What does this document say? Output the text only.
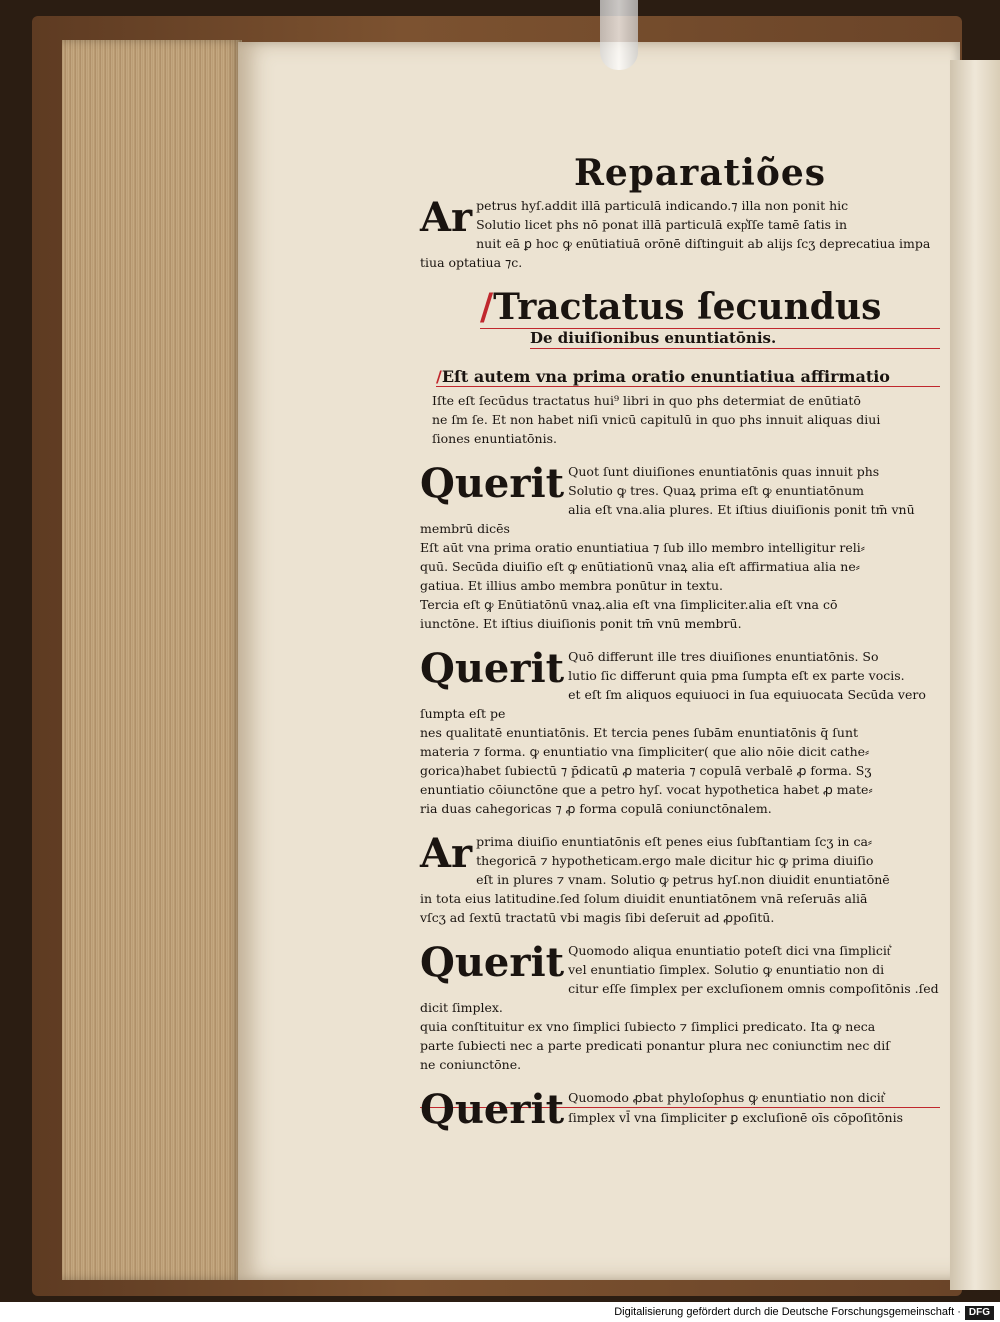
Reparatiões
Ar petrus hyſ.addit illā particulā indicando.⁊ illa non ponit hic
Solutio licet phs nō ponat illā particulā exp͛ſſe tamē ſatis in
nuit eā ꝑ hoc ꝙ enūtiatiuā orōnē diſtinguit ab alijs ſcʒ deprecatiua impa
tiua optatiua ⁊c.
/Tractatus ſecundus
De diuiſionibus enuntiatōnis.
/Eſt autem vna prima oratio enuntiatiua affirmatio
Iſte eſt ſecūdus tractatus hui⁹ libri in quo phs determiat de enūtiatō
ne ſm ſe. Et non habet niſi vnicū capitulū in quo phs innuit aliquas diui
ſiones enuntiatōnis.
Querit Quot ſunt diuiſiones enuntiatōnis quas innuit phs
Solutio ꝙ tres. Quaꝝ prima eſt ꝙ enuntiatōnum
alia eſt vna.alia plures. Et iſtius diuiſionis ponit tm̄ vnū membrū dicēs
Eſt aūt vna prima oratio enuntiatiua ⁊ ſub illo membro intelligitur reli⸗
quū. Secūda diuiſio eſt ꝙ enūtiationū vnaꝝ alia eſt affirmatiua alia ne⸗
gatiua. Et illius ambo membra ponūtur in textu.
Tercia eſt ꝙ Enūtiatōnū vnaꝝ.alia eſt vna ſimpliciter.alia eſt vna cō
iunctōne. Et iſtius diuiſionis ponit tm̄ vnū membrū.
Querit Quō differunt ille tres diuiſiones enuntiatōnis. So
lutio ſic differunt quia pma ſumpta eſt ex parte vocis.
et eſt ſm aliquos equiuoci in ſua equiuocata Secūda vero ſumpta eſt pe
nes qualitatē enuntiatōnis. Et tercia penes ſubām enuntiatōnis q̄ ſunt
materia ⁊ forma. ꝙ enuntiatio vna ſimpliciter( que alio nōie dicit cathe⸗
gorica)habet ſubiectū ⁊ p̄dicatū ꝓ materia ⁊ copulā verbalē ꝓ forma. Sʒ
enuntiatio cōiunctōne que a petro hyſ. vocat hypothetica habet ꝓ mate⸗
ria duas cahegoricas ⁊ ꝓ forma copulā coniunctōnalem.
Ar prima diuiſio enuntiatōnis eſt penes eius ſubſtantiam ſcʒ in ca⸗
thegoricā ⁊ hypotheticam.ergo male dicitur hic ꝙ prima diuiſio
eſt in plures ⁊ vnam. Solutio ꝙ petrus hyſ.non diuidit enuntiatōnē
in tota eius latitudine.ſed ſolum diuidit enuntiatōnem vnā reſeruās aliā
vſcʒ ad ſextū tractatū vbi magis ſibi deſeruit ad ꝓpoſitū.
Querit Quomodo aliqua enuntiatio poteſt dici vna ſimplicit͛
vel enuntiatio ſimplex. Solutio ꝙ enuntiatio non di
citur eſſe ſimplex per excluſionem omnis compoſitōnis .ſed dicit ſimplex.
quia conſtituitur ex vno ſimplici ſubiecto ⁊ ſimplici predicato. Ita ꝙ neca
parte ſubiecti nec a parte predicati ponantur plura nec coniunctim nec diſ
ne coniunctōne.
Querit Quomodo ꝓbat phyloſophus ꝙ enuntiatio non dicit͛
ſimplex vl̄ vna ſimpliciter ꝑ excluſionē oīs cōpoſitōnis
Digitalisierung gefördert durch die Deutsche Forschungsgemeinschaft · DFG
